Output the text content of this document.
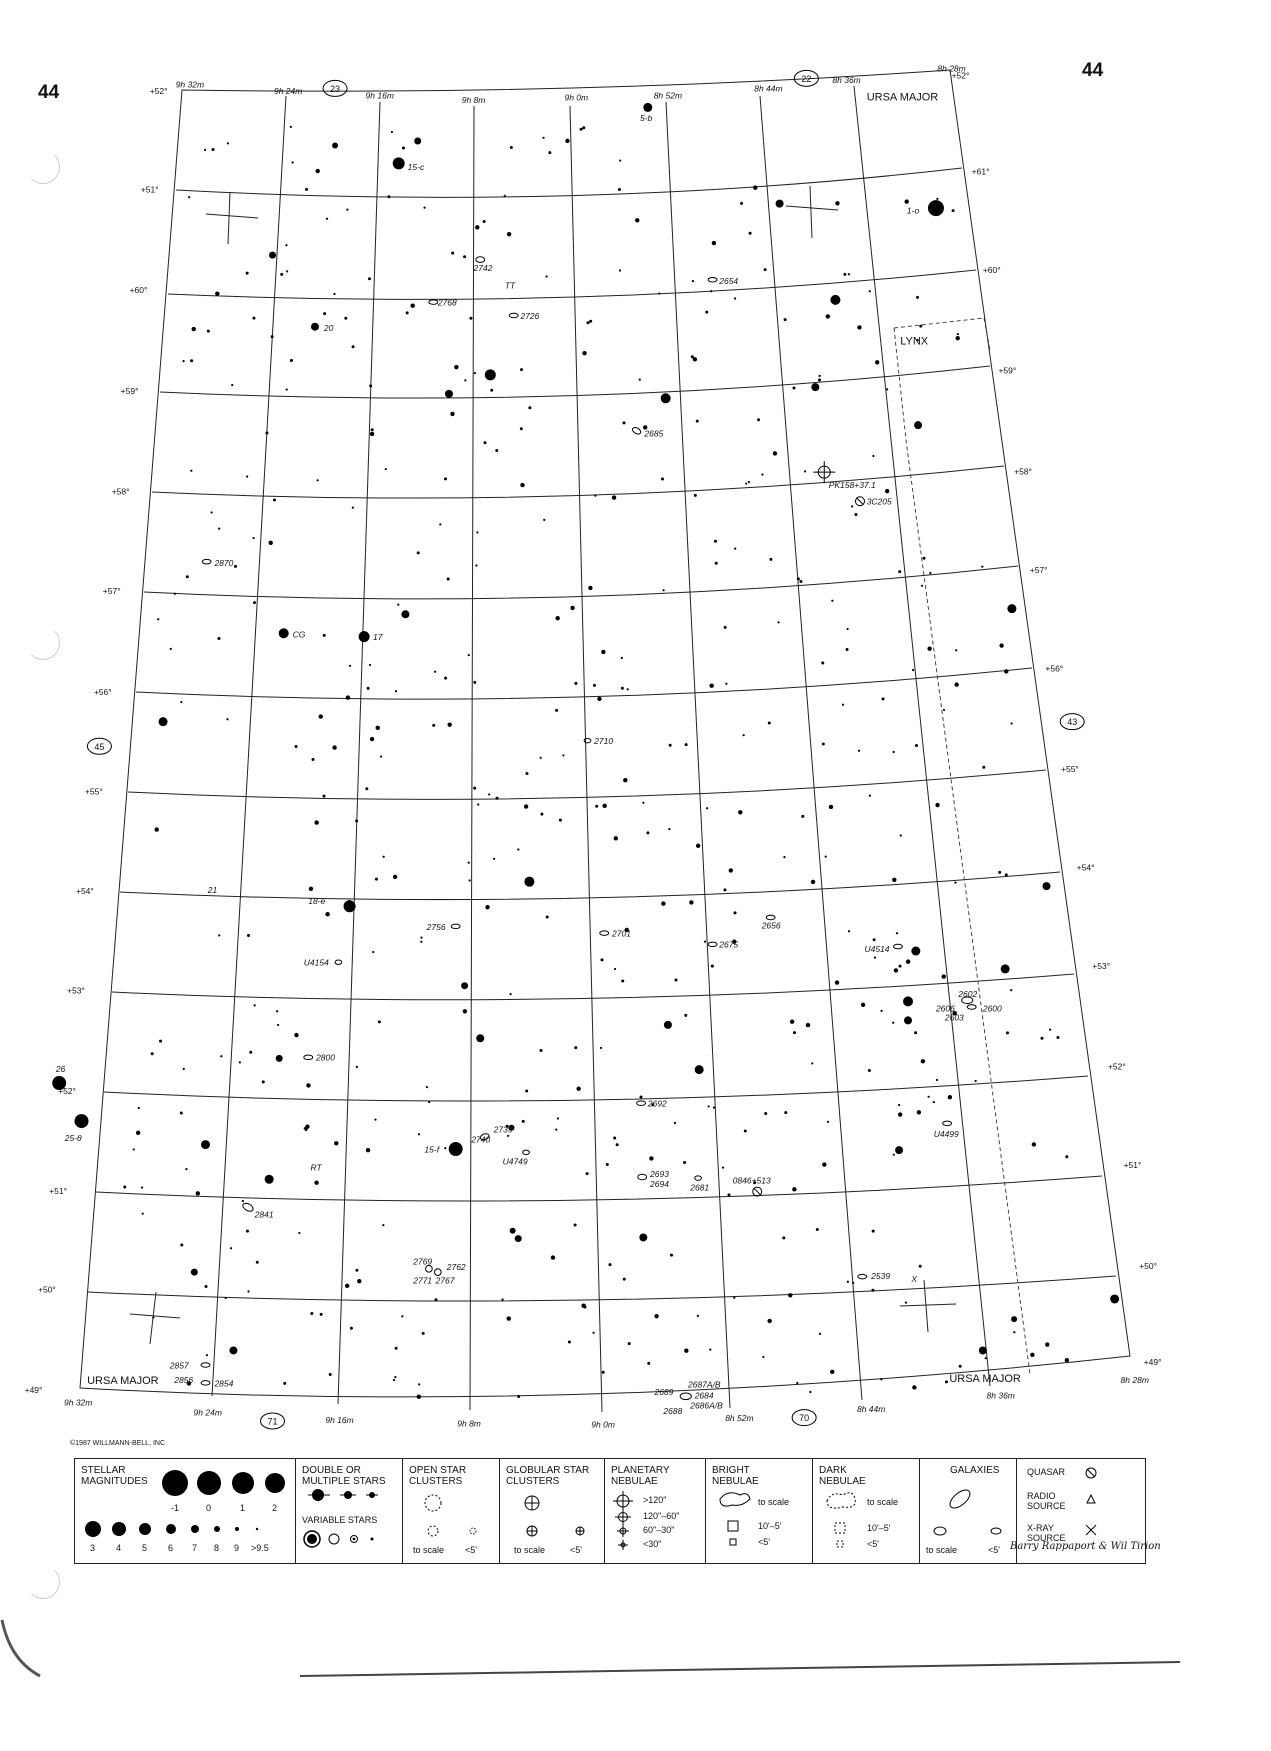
44
44
5-b
15-c
1-o
20
CG	17
21
18-e
26
25-θ
15-f
RT
TT
X
2742
2768
2726
2654
2685
PK158+37.1
3C205
2870
2710
2756
2701
2675
2656
U4514
U4154
2606
2602
2603
2600
2800
2692
2739
2740
U4749
U4499
2693
2694	2681
0846+513
2841
2769
2762
2771 2767	2539
2857
2856	2854
2689
2687A/B
2684
2686A/B
2688
URSA MAJOR
LYNX
URSA MAJOR	URSA MAJOR
9h 32m
9h 24m	9h 16m	9h 8m	9h 0m	8h 52m
8h 44m
8h 36m
8h 28m
9h 32m
9h 24m
9h 16m	9h 8m	9h 0m
8h 52m
8h 44m
8h 36m
8h 28m
+52°
+51°
+60°
+59°
+58°
+57°
+56°
+55°
+54°
+53°
+52°
+51°
+50°
+49°
+52°
+61°
+60°
+59°
+58°
+57°
+56°
+55°
+54°
+53°
+52°
+51°
+50°
+49°
23
22
45
43
71	70
©1987 WILLMANN-BELL, INC
STELLAR MAGNITUDES
-1	0	1	2
3 4 5 6 7 8 9 >9.5
DOUBLE OR MULTIPLE STARS
VARIABLE STARS
OPEN STAR CLUSTERS
to scale <5'
GLOBULAR STAR CLUSTERS
to scale	<5'
PLANETARY NEBULAE
>120"
120"–60"
60"–30"
<30"
BRIGHT NEBULAE
to scale
10'–5'
<5'
DARK NEBULAE
to scale
10'–5'
<5'
GALAXIES
to scale	<5'
QUASAR
RADIO SOURCE
X-RAY SOURCE
Barry Rappaport & Wil Tirion
